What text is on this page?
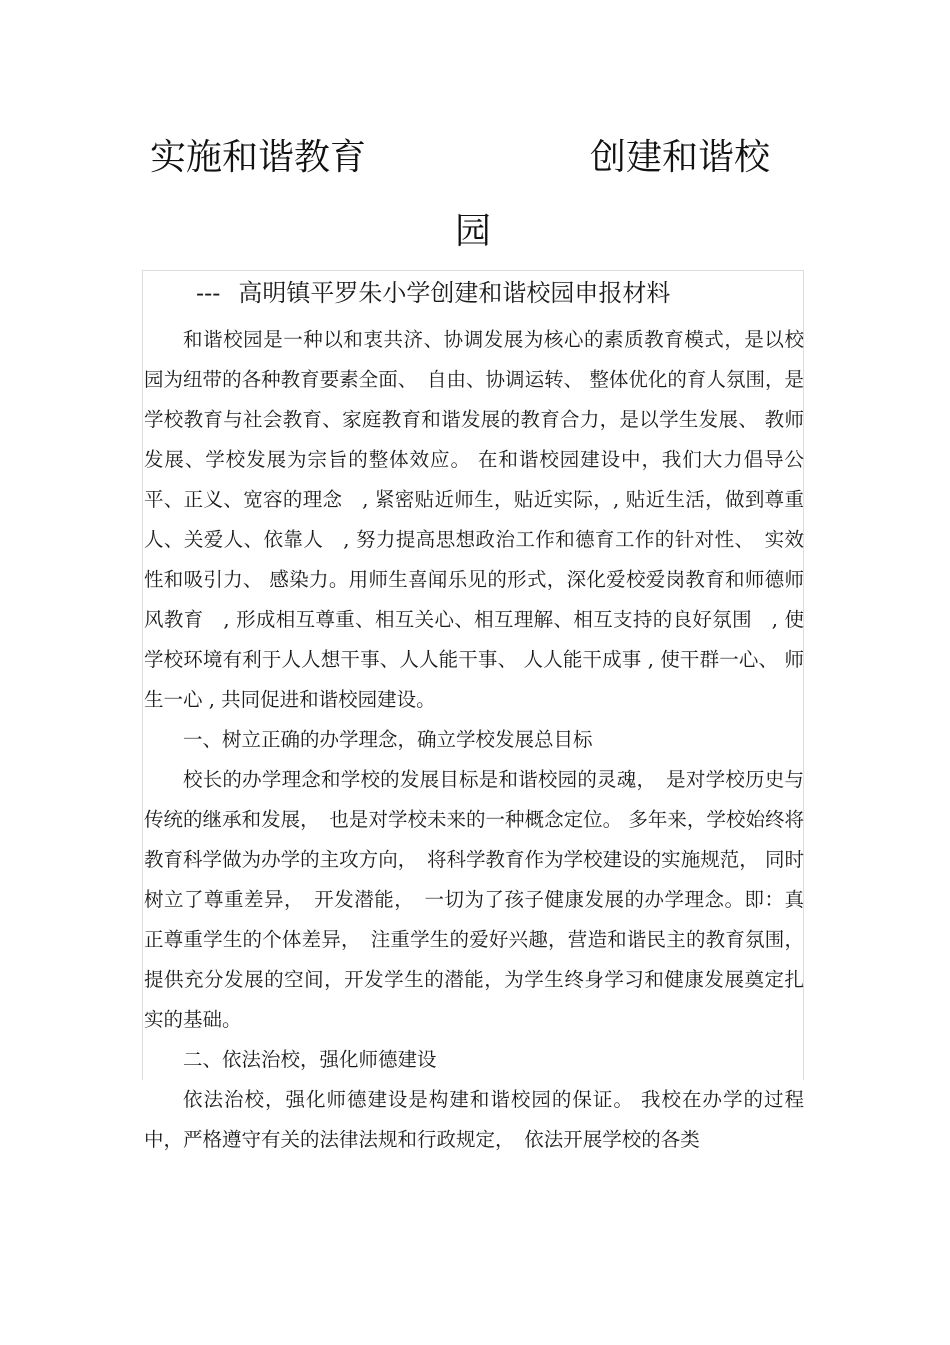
实施和谐教育	创建和谐校
园
--- 高明镇平罗朱小学创建和谐校园申报材料

和谐校园是一种以和衷共济、协调发展为核心的素质教育模式，是以校园为纽带的各种教育要素全面、　自由、协调运转、 整体优化的育人氛围，是学校教育与社会教育、家庭教育和谐发展的教育合力，是以学生发展、 教师发展、学校发展为宗旨的整体效应。 在和谐校园建设中，我们大力倡导公平、正义、宽容的理念　, 紧密贴近师生，贴近实际，, 贴近生活，做到尊重人、关爱人、依靠人　, 努力提高思想政治工作和德育工作的针对性、　实效性和吸引力、 感染力。用师生喜闻乐见的形式，深化爱校爱岗教育和师德师风教育　, 形成相互尊重、相互关心、相互理解、相互支持的良好氛围　, 使学校环境有利于人人想干事、人人能干事、 人人能干成事 , 使干群一心、 师生一心 , 共同促进和谐校园建设。

一、树立正确的办学理念，确立学校发展总目标

校长的办学理念和学校的发展目标是和谐校园的灵魂，　是对学校历史与传统的继承和发展，　也是对学校未来的一种概念定位。 多年来，学校始终将教育科学做为办学的主攻方向，　将科学教育作为学校建设的实施规范， 同时树立了尊重差异，　开发潜能，　一切为了孩子健康发展的办学理念。即：真正尊重学生的个体差异，　注重学生的爱好兴趣，营造和谐民主的教育氛围，提供充分发展的空间，开发学生的潜能，为学生终身学习和健康发展奠定扎实的基础。

二、依法治校，强化师德建设

依法治校，强化师德建设是构建和谐校园的保证。 我校在办学的过程中，严格遵守有关的法律法规和行政规定，　依法开展学校的各类
